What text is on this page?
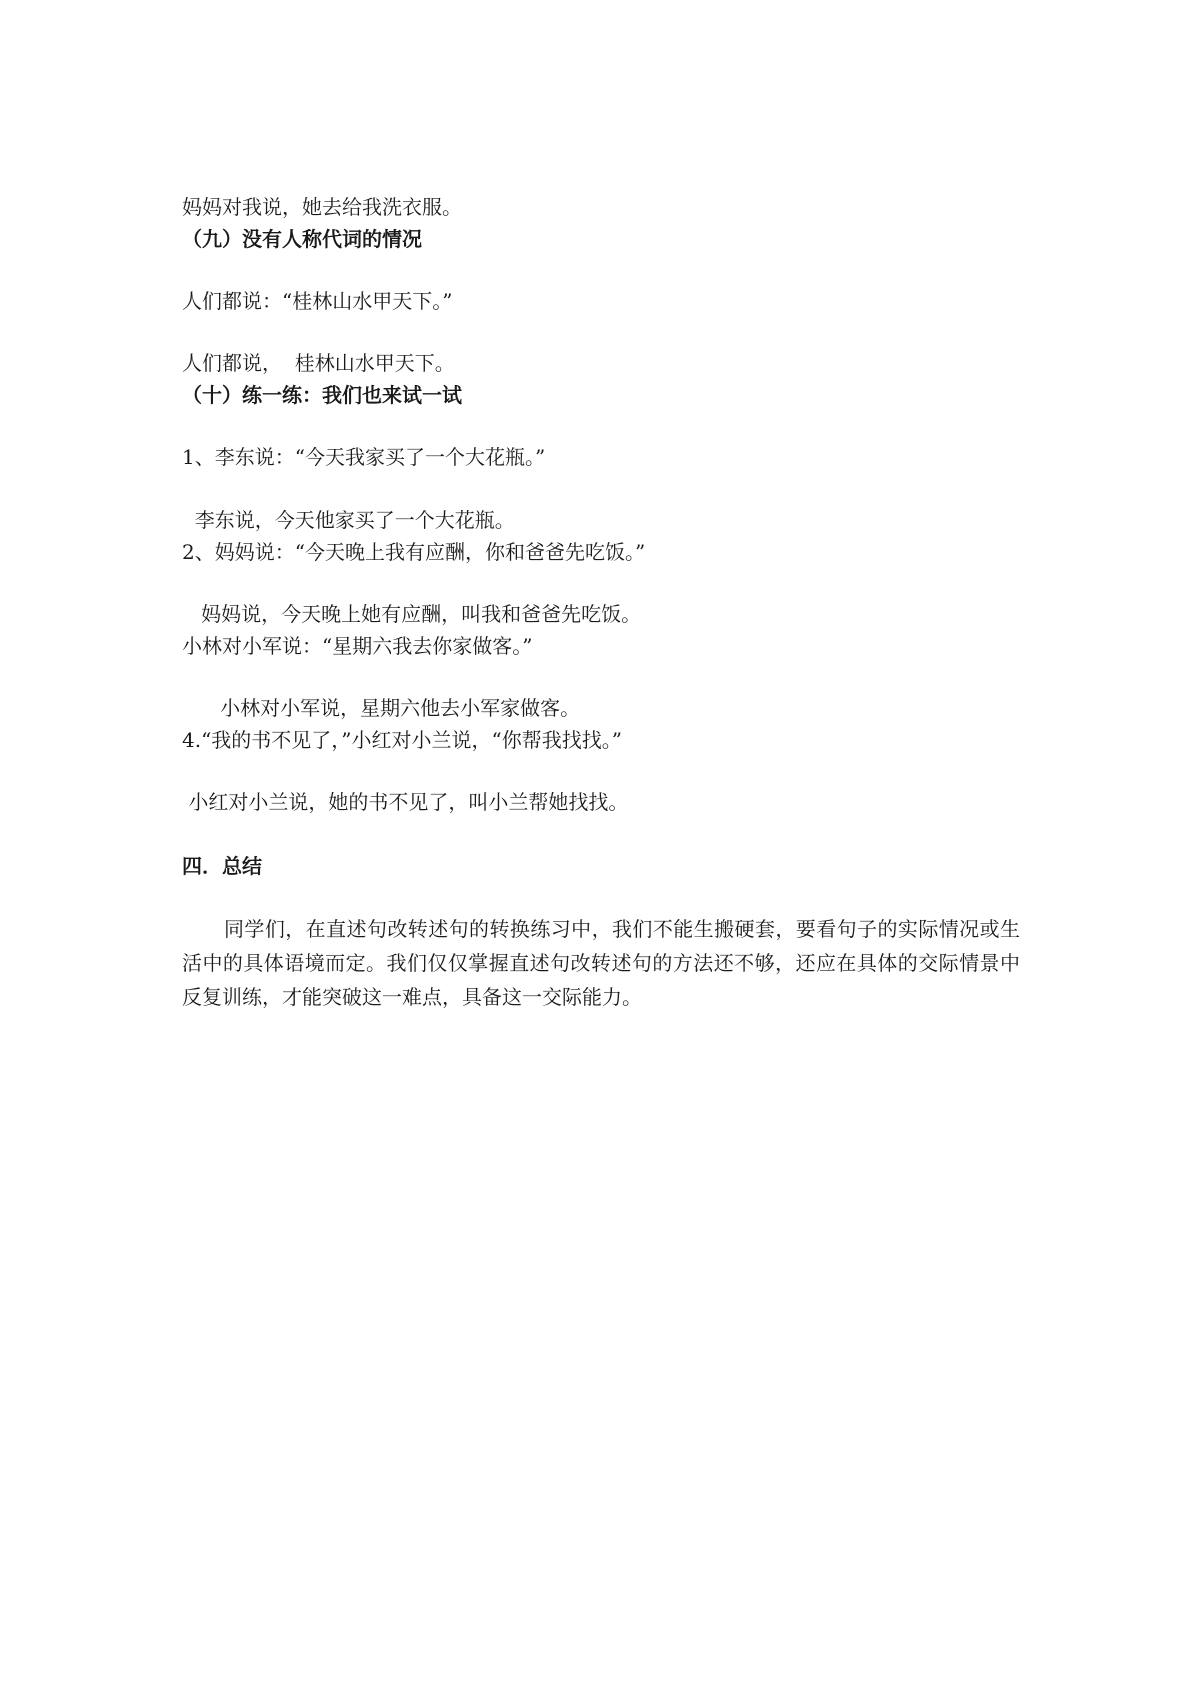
妈妈对我说，她去给我洗衣服。

（九）没有人称代词的情况

人们都说：“桂林山水甲天下。”

人们都说，  桂林山水甲天下。

（十）练一练：我们也来试一试

1、李东说：“今天我家买了一个大花瓶。”

李东说，今天他家买了一个大花瓶。

2、妈妈说：“今天晚上我有应酬，你和爸爸先吃饭。”

妈妈说，今天晚上她有应酬，叫我和爸爸先吃饭。

小林对小军说：“星期六我去你家做客。”

小林对小军说，星期六他去小军家做客。

4.“我的书不见了，”小红对小兰说，“你帮我找找。”

小红对小兰说，她的书不见了，叫小兰帮她找找。

四．总结

同学们，在直述句改转述句的转换练习中，我们不能生搬硬套，要看句子的实际情况或生活中的具体语境而定。我们仅仅掌握直述句改转述句的方法还不够，还应在具体的交际情景中反复训练，才能突破这一难点，具备这一交际能力。
